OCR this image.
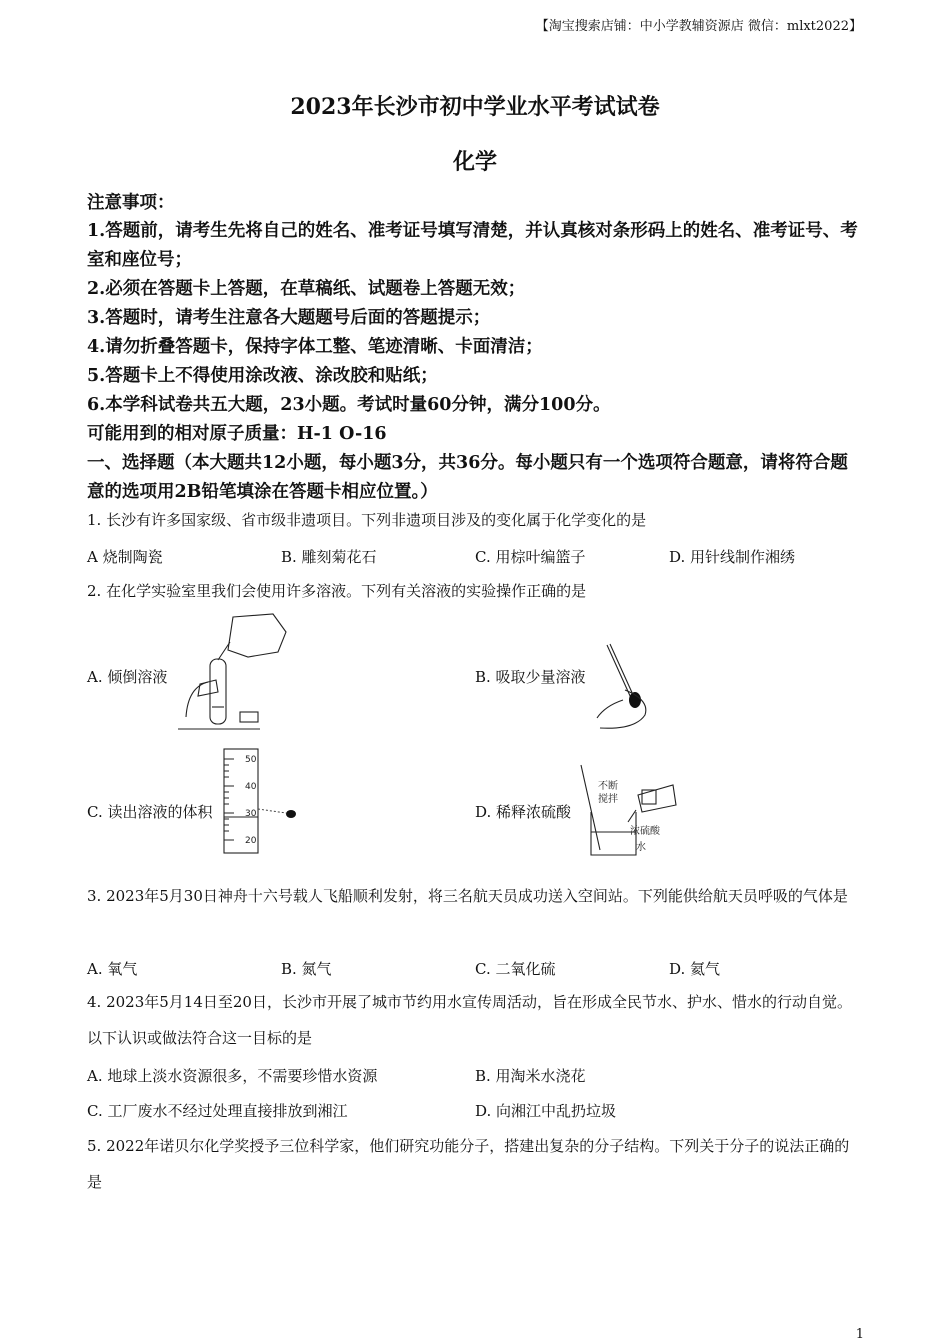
【淘宝搜索店铺：中小学教辅资源店 微信：mlxt2022】
2023年长沙市初中学业水平考试试卷
化学
注意事项：
1.答题前，请考生先将自己的姓名、准考证号填写清楚，并认真核对条形码上的姓名、准考证号、考室和座位号；
2.必须在答题卡上答题，在草稿纸、试题卷上答题无效；
3.答题时，请考生注意各大题题号后面的答题提示；
4.请勿折叠答题卡，保持字体工整、笔迹清晰、卡面清洁；
5.答题卡上不得使用涂改液、涂改胶和贴纸；
6.本学科试卷共五大题，23小题。考试时量60分钟，满分100分。
可能用到的相对原子质量：H-1 O-16
一、选择题（本大题共12小题，每小题3分，共36分。每小题只有一个选项符合题意，请将符合题意的选项用2B铅笔填涂在答题卡相应位置。）
1. 长沙有许多国家级、省市级非遗项目。下列非遗项目涉及的变化属于化学变化的是
A 烧制陶瓷	B. 雕刻菊花石	C. 用棕叶编篮子	D. 用针线制作湘绣
2. 在化学实验室里我们会使用许多溶液。下列有关溶液的实验操作正确的是
A. 倾倒溶液	B. 吸取少量溶液
C. 读出溶液的体积
50
40
30
20
D. 稀释浓硫酸
不断
搅拌
浓硫酸
水
3. 2023年5月30日神舟十六号载人飞船顺利发射，将三名航天员成功送入空间站。下列能供给航天员呼吸的气体是
A. 氧气	B. 氮气	C. 二氧化硫	D. 氦气
4. 2023年5月14日至20日，长沙市开展了城市节约用水宣传周活动，旨在形成全民节水、护水、惜水的行动自觉。以下认识或做法符合这一目标的是
A. 地球上淡水资源很多，不需要珍惜水资源	B. 用淘米水浇花
C. 工厂废水不经过处理直接排放到湘江	D. 向湘江中乱扔垃圾
5. 2022年诺贝尔化学奖授予三位科学家，他们研究功能分子，搭建出复杂的分子结构。下列关于分子的说法正确的是
1
